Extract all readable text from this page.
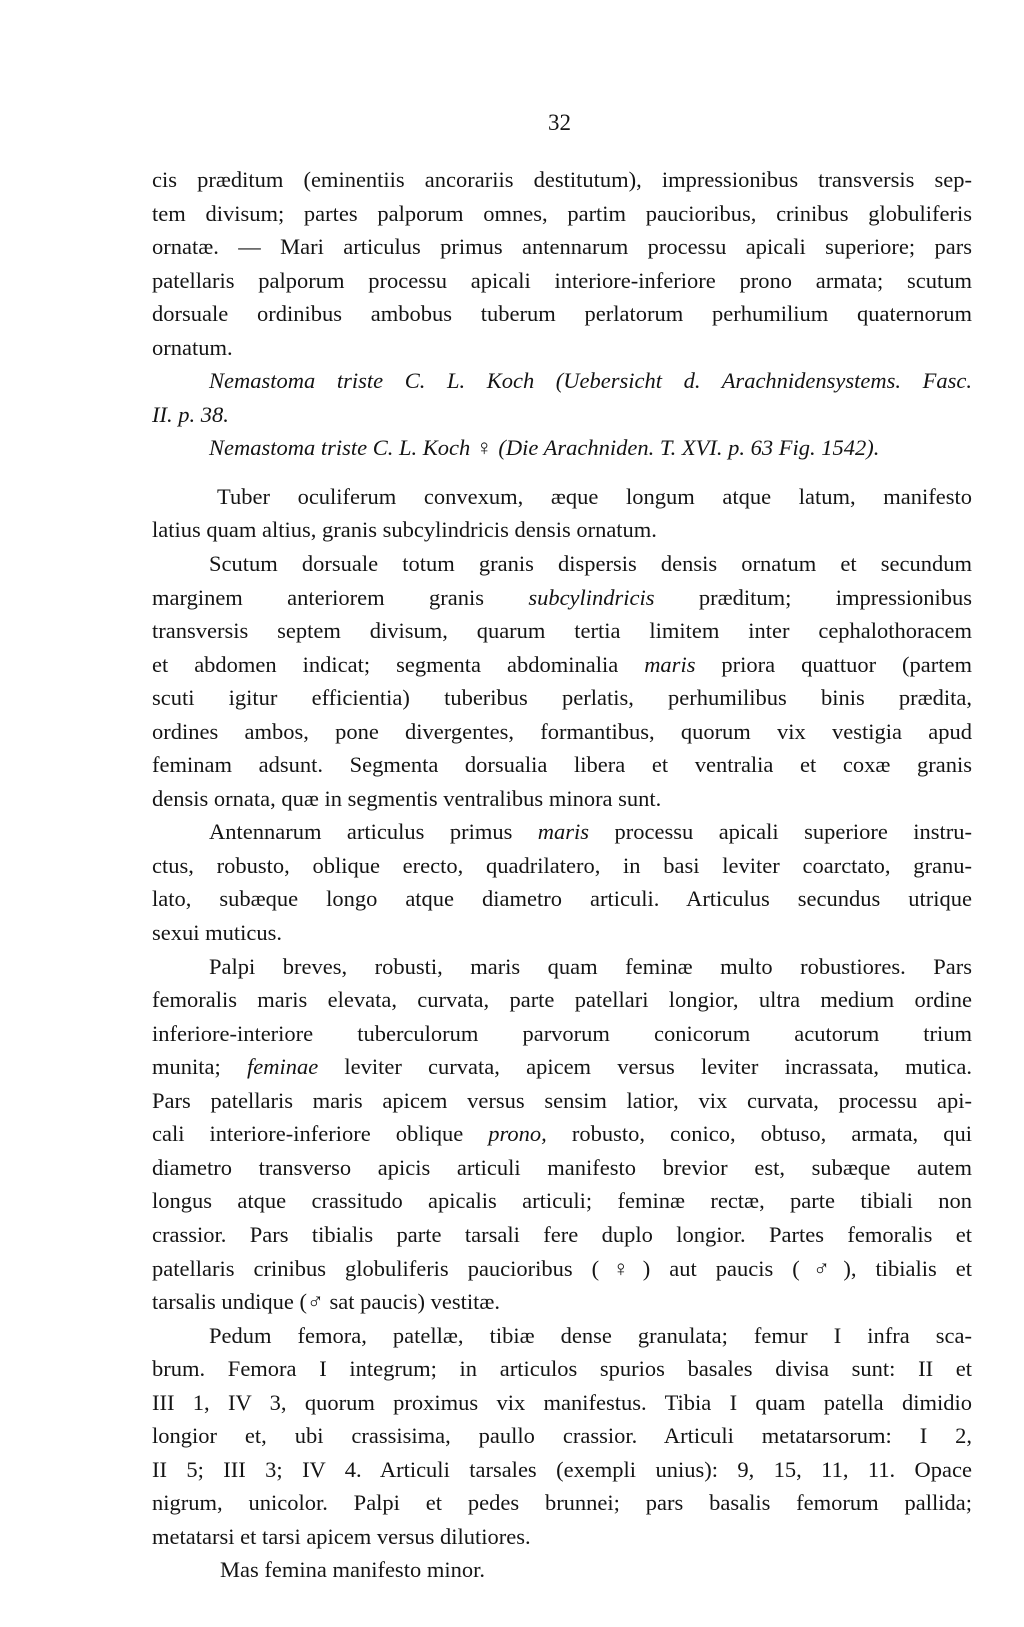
32
cis præditum (eminentiis ancorariis destitutum), impressionibus transversis sep-
tem divisum; partes palporum omnes, partim paucioribus, crinibus globuliferis
ornatæ. — Mari articulus primus antennarum processu apicali superiore; pars
patellaris palporum processu apicali interiore-inferiore prono armata; scutum
dorsuale ordinibus ambobus tuberum perlatorum perhumilium quaternorum
ornatum.
Nemastoma triste C. L. Koch (Uebersicht d. Arachnidensystems. Fasc.
II. p. 38.
Nemastoma triste C. L. Koch ♀ (Die Arachniden. T. XVI. p. 63 Fig. 1542).
Tuber oculiferum convexum, æque longum atque latum, manifesto
latius quam altius, granis subcylindricis densis ornatum.
Scutum dorsuale totum granis dispersis densis ornatum et secundum
marginem anteriorem granis subcylindricis præditum; impressionibus
transversis septem divisum, quarum tertia limitem inter cephalothoracem
et abdomen indicat; segmenta abdominalia maris priora quattuor (partem
scuti igitur efficientia) tuberibus perlatis, perhumilibus binis prædita,
ordines ambos, pone divergentes, formantibus, quorum vix vestigia apud
feminam adsunt. Segmenta dorsualia libera et ventralia et coxæ granis
densis ornata, quæ in segmentis ventralibus minora sunt.
Antennarum articulus primus maris processu apicali superiore instru-
ctus, robusto, oblique erecto, quadrilatero, in basi leviter coarctato, granu-
lato, subæque longo atque diametro articuli. Articulus secundus utrique
sexui muticus.
Palpi breves, robusti, maris quam feminæ multo robustiores. Pars
femoralis maris elevata, curvata, parte patellari longior, ultra medium ordine
inferiore-interiore tuberculorum parvorum conicorum acutorum trium
munita; feminae leviter curvata, apicem versus leviter incrassata, mutica.
Pars patellaris maris apicem versus sensim latior, vix curvata, processu api-
cali interiore-inferiore oblique prono, robusto, conico, obtuso, armata, qui
diametro transverso apicis articuli manifesto brevior est, subæque autem
longus atque crassitudo apicalis articuli; feminæ rectæ, parte tibiali non
crassior. Pars tibialis parte tarsali fere duplo longior. Partes femoralis et
patellaris crinibus globuliferis paucioribus (♀) aut paucis (♂), tibialis et
tarsalis undique (♂ sat paucis) vestitæ.
Pedum femora, patellæ, tibiæ dense granulata; femur I infra sca-
brum. Femora I integrum; in articulos spurios basales divisa sunt: II et
III 1, IV 3, quorum proximus vix manifestus. Tibia I quam patella dimidio
longior et, ubi crassisima, paullo crassior. Articuli metatarsorum: I 2,
II 5; III 3; IV 4. Articuli tarsales (exempli unius): 9, 15, 11, 11. Opace
nigrum, unicolor. Palpi et pedes brunnei; pars basalis femorum pallida;
metatarsi et tarsi apicem versus dilutiores.
Mas femina manifesto minor.
